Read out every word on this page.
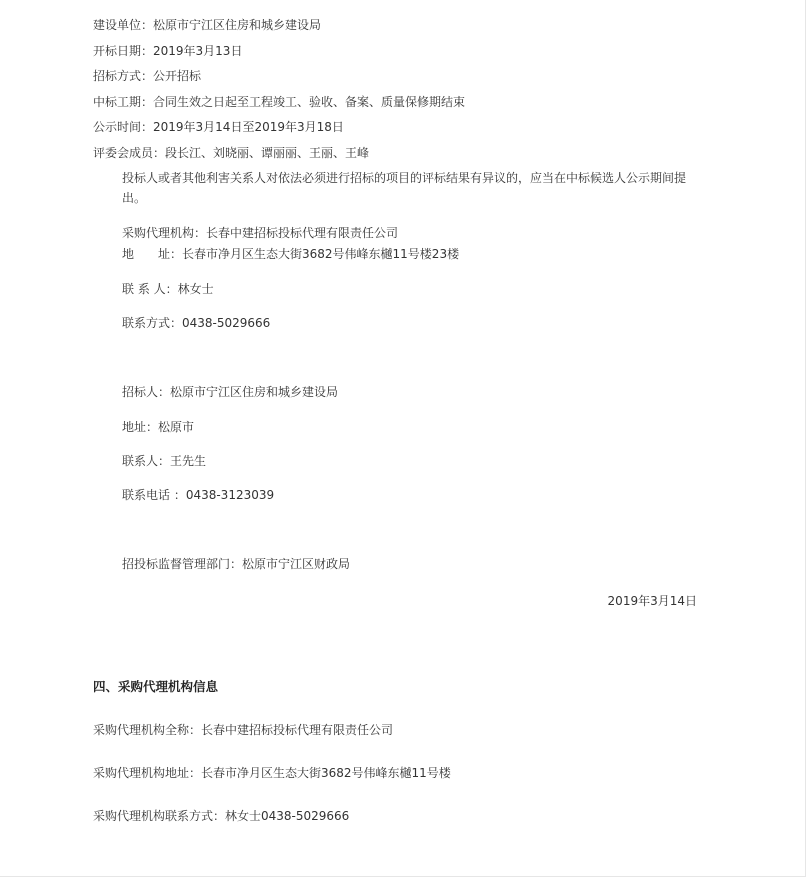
建设单位：松原市宁江区住房和城乡建设局
开标日期：2019年3月13日
招标方式：公开招标
中标工期：合同生效之日起至工程竣工、验收、备案、质量保修期结束
公示时间：2019年3月14日至2019年3月18日
评委会成员：段长江、刘晓丽、谭丽丽、王丽、王峰
投标人或者其他利害关系人对依法必须进行招标的项目的评标结果有异议的，应当在中标候选人公示期间提出。
采购代理机构：长春中建招标投标代理有限责任公司
地　　址：长春市净月区生态大街3682号伟峰东樾11号楼23楼
联 系 人：林女士
联系方式：0438-5029666
招标人：松原市宁江区住房和城乡建设局
地址：松原市
联系人：王先生
联系电话 ：0438-3123039
招投标监督管理部门：松原市宁江区财政局
2019年3月14日
四、采购代理机构信息
采购代理机构全称：长春中建招标投标代理有限责任公司
采购代理机构地址：长春市净月区生态大街3682号伟峰东樾11号楼
采购代理机构联系方式：林女士0438-5029666
